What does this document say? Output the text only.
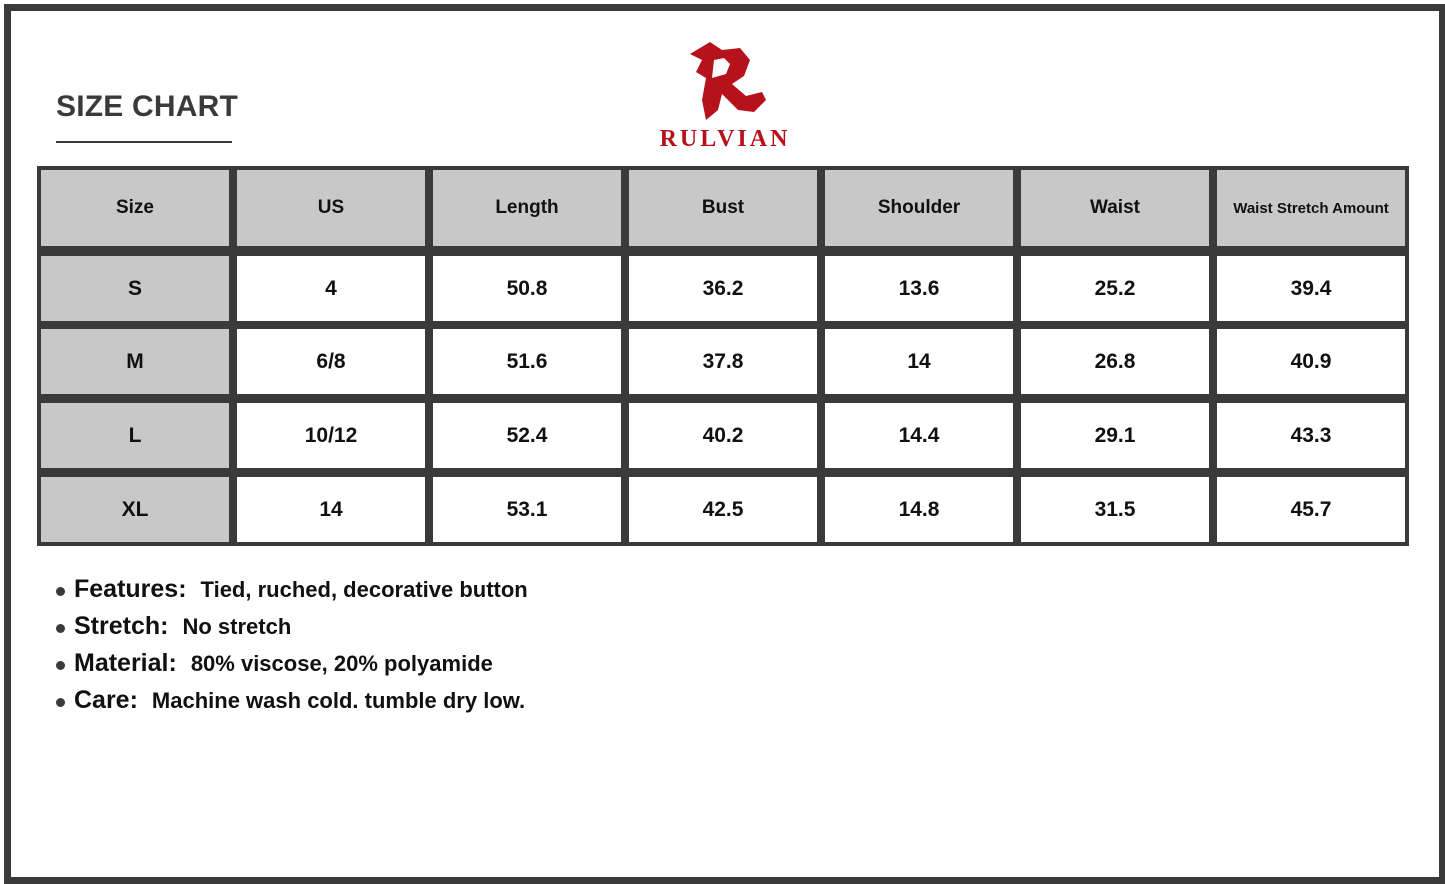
SIZE CHART
RULVIAN
Size	US	Length	Bust	Shoulder	Waist	Waist Stretch Amount
S	4	50.8	36.2	13.6	25.2	39.4
M	6/8	51.6	37.8	14	26.8	40.9
L	10/12	52.4	40.2	14.4	29.1	43.3
XL	14	53.1	42.5	14.8	31.5	45.7
Features: Tied, ruched, decorative button
Stretch: No stretch
Material: 80% viscose, 20% polyamide
Care: Machine wash cold. tumble dry low.
